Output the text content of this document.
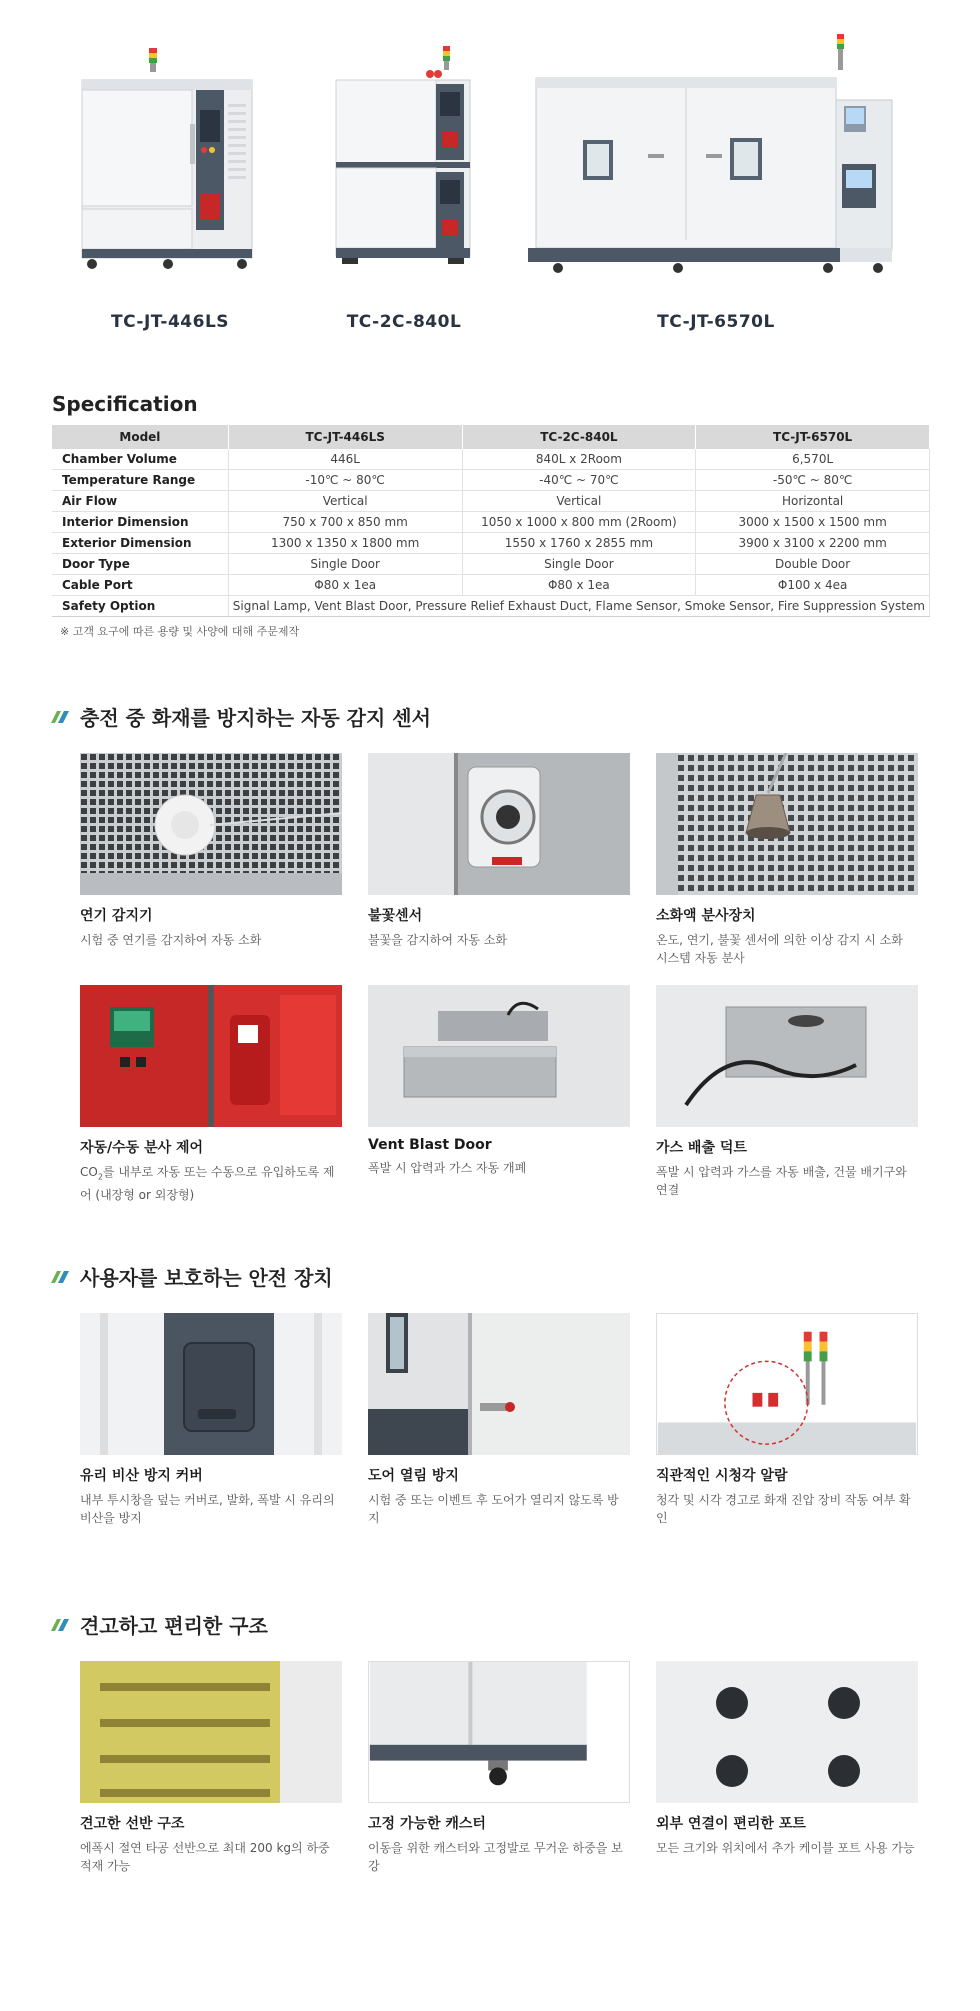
TC-JT-446LS	TC-2C-840L	TC-JT-6570L
Specification
Model	TC-JT-446LS	TC-2C-840L	TC-JT-6570L
Chamber Volume	446L	840L x 2Room	6,570L
Temperature Range	-10℃ ~ 80℃	-40℃ ~ 70℃	-50℃ ~ 80℃
Air Flow	Vertical	Vertical	Horizontal
Interior Dimension	750 x 700 x 850 mm	1050 x 1000 x 800 mm (2Room)	3000 x 1500 x 1500 mm
Exterior Dimension	1300 x 1350 x 1800 mm	1550 x 1760 x 2855 mm	3900 x 3100 x 2200 mm
Door Type	Single Door	Single Door	Double Door
Cable Port	Φ80 x 1ea	Φ80 x 1ea	Φ100 x 4ea
Safety Option	Signal Lamp, Vent Blast Door, Pressure Relief Exhaust Duct, Flame Sensor, Smoke Sensor, Fire Suppression System		
※ 고객 요구에 따른 용량 및 사양에 대해 주문제작
충전 중 화재를 방지하는 자동 감지 센서
연기 감지기
시험 중 연기를 감지하여 자동 소화
불꽃센서
불꽃을 감지하여 자동 소화
소화액 분사장치
온도, 연기, 불꽃 센서에 의한 이상 감지 시 소화 시스템 자동 분사
자동/수동 분사 제어
$CO_2$를 내부로 자동 또는 수동으로 유입하도록 제어 (내장형 or 외장형)
Vent Blast Door
폭발 시 압력과 가스 자동 개폐
가스 배출 덕트
폭발 시 압력과 가스를 자동 배출, 건물 배기구와 연결
사용자를 보호하는 안전 장치
유리 비산 방지 커버
내부 투시창을 덮는 커버로, 발화, 폭발 시 유리의 비산을 방지
도어 열림 방지
시험 중 또는 이벤트 후 도어가 열리지 않도록 방지
직관적인 시청각 알람
청각 및 시각 경고로 화재 진압 장비 작동 여부 확인
견고하고 편리한 구조
견고한 선반 구조
에폭시 절연 타공 선반으로 최대 200 kg의 하중 적재 가능
고정 가능한 캐스터
이동을 위한 캐스터와 고정발로 무거운 하중을 보강
외부 연결이 편리한 포트
모든 크기와 위치에서 추가 케이블 포트 사용 가능
